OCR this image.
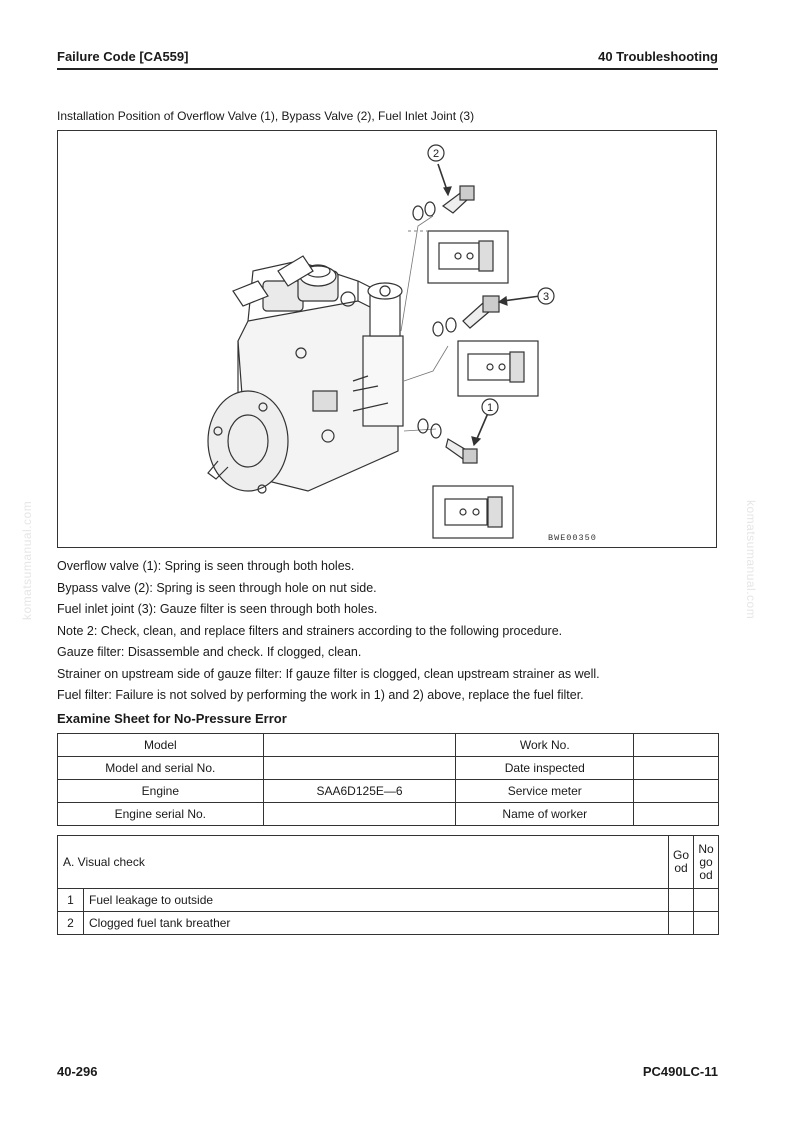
Failure Code [CA559]	40 Troubleshooting
Installation Position of Overflow Valve (1), Bypass Valve (2), Fuel Inlet Joint (3)
2
3
1
BWE00350
Overflow valve (1): Spring is seen through both holes.
Bypass valve (2): Spring is seen through hole on nut side.
Fuel inlet joint (3): Gauze filter is seen through both holes.
Note 2: Check, clean, and replace filters and strainers according to the following procedure.
Gauze filter: Disassemble and check. If clogged, clean.
Strainer on upstream side of gauze filter: If gauze filter is clogged, clean upstream strainer as well.
Fuel filter: Failure is not solved by performing the work in 1) and 2) above, replace the fuel filter.
Examine Sheet for No-Pressure Error
Model		Work No.	
Model and serial No.		Date inspected	
Engine	SAA6D125E—6	Service meter	
Engine serial No.		Name of worker	
A. Visual check		Go od	No go od
1	Fuel leakage to outside		
2	Clogged fuel tank breather		
komatsumanual.com	komatsumanual.com
40-296	PC490LC-11
